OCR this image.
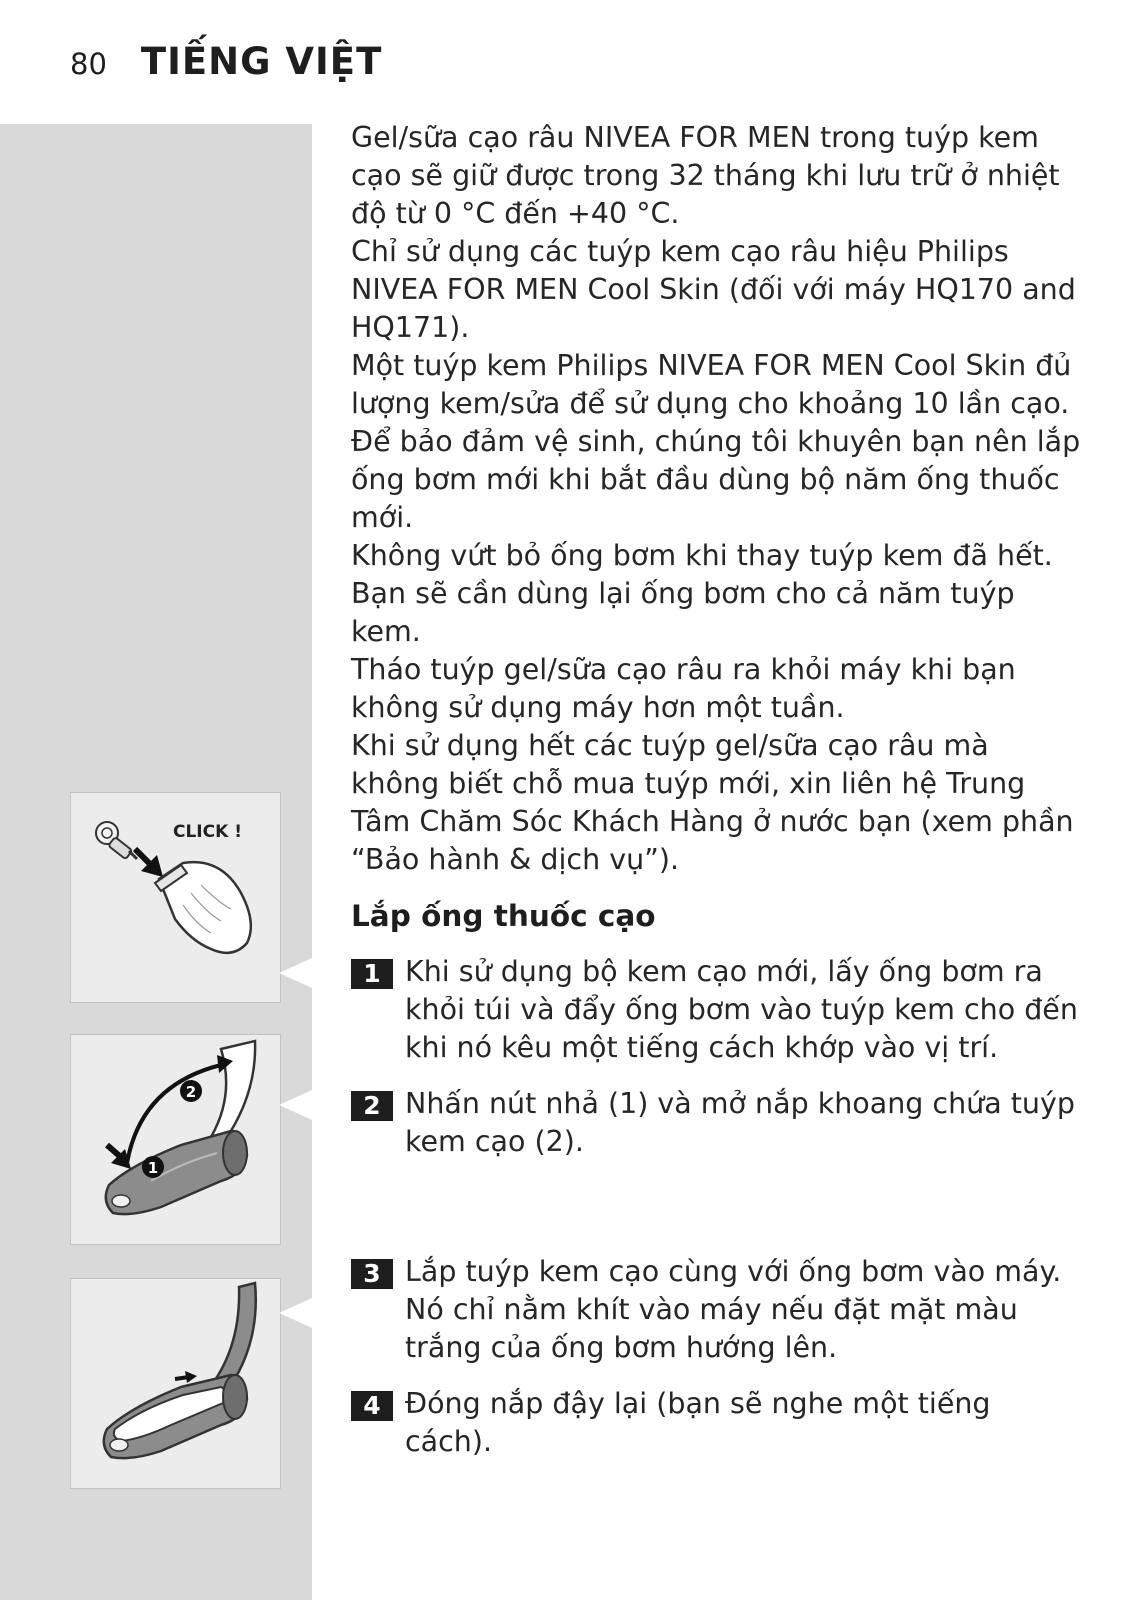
80 TIẾNG VIỆT
CLICK !
2
1

Gel/sữa cạo râu NIVEA FOR MEN trong tuýp kem cạo sẽ giữ được trong 32 tháng khi lưu trữ ở nhiệt độ từ 0 °C đến +40 °C.

Chỉ sử dụng các tuýp kem cạo râu hiệu Philips NIVEA FOR MEN Cool Skin (đối với máy HQ170 and HQ171).

Một tuýp kem Philips NIVEA FOR MEN Cool Skin đủ lượng kem/sửa để sử dụng cho khoảng 10 lần cạo.

Để bảo đảm vệ sinh, chúng tôi khuyên bạn nên lắp ống bơm mới khi bắt đầu dùng bộ năm ống thuốc mới.

Không vứt bỏ ống bơm khi thay tuýp kem đã hết. Bạn sẽ cần dùng lại ống bơm cho cả năm tuýp kem.

Tháo tuýp gel/sữa cạo râu ra khỏi máy khi bạn không sử dụng máy hơn một tuần.

Khi sử dụng hết các tuýp gel/sữa cạo râu mà không biết chỗ mua tuýp mới, xin liên hệ Trung Tâm Chăm Sóc Khách Hàng ở nước bạn (xem phần “Bảo hành & dịch vụ”).

Lắp ống thuốc cạo
1 Khi sử dụng bộ kem cạo mới, lấy ống bơm ra khỏi túi và đẩy ống bơm vào tuýp kem cho đến khi nó kêu một tiếng cách khớp vào vị trí.
2 Nhấn nút nhả (1) và mở nắp khoang chứa tuýp kem cạo (2).
3 Lắp tuýp kem cạo cùng với ống bơm vào máy. Nó chỉ nằm khít vào máy nếu đặt mặt màu trắng của ống bơm hướng lên.
4 Đóng nắp đậy lại (bạn sẽ nghe một tiếng cách).
